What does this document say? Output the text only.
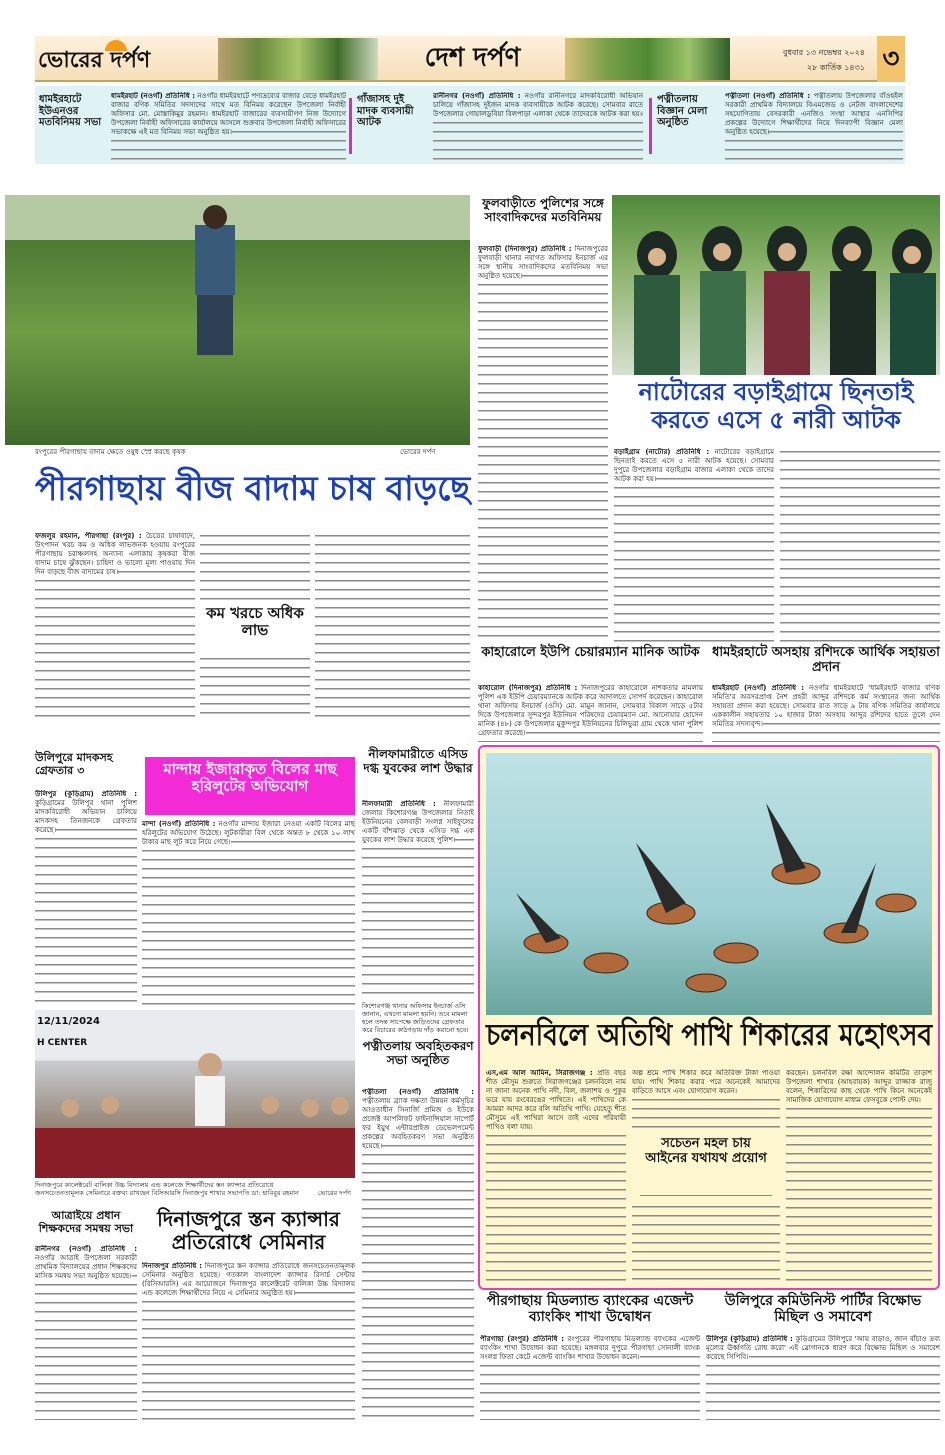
ভোরের দর্পণ	দেশ দর্পণ	বুধবার ১৩ নভেম্বর ২০২৪
২৮ কার্তিক ১৪৩১ ৩
ধামইরহাটে ইউএনওর মতবিনিময় সভা

ধামইরহাট (নওগাঁ) প্রতিনিধি : নওগাঁর ধামইরহাটে পণ্যদ্রব্যের বাজার বেড়ে ধামইরহাট বাজার বণিক সমিতির সদস্যদের সাথে মত বিনিময় করেছেন উপজেলা নির্বাহী অফিসার মো. মোস্তাকিমুর রহমান। ধামইরহাট বাজারের ব্যবসায়ীগণ নিজ উদ্যোগে উপজেলা নির্বাহী অফিসারের কার্যালয়ে আসলে শুক্রবার উপজেলা নির্বাহী অফিসারের সভাকক্ষে এই মত বিনিময় সভা অনুষ্ঠিত হয়।

গাঁজাসহ দুই মাদক ব্যবসায়ী আটক

রানীনগর (নওগাঁ) প্রতিনিধি : নওগাঁর রানীনগরে মাদকবিরোধী অভিযান চালিয়ে গাঁজাসহ দুইজন মাদক ব্যবসায়ীকে আটক করেছে। সোমবার রাতে উপজেলার গোয়ালডুবিয়া বিলপাড়া এলাকা থেকে তাদেরকে আটক করা হয়।

পত্নীতলায় বিজ্ঞান মেলা অনুষ্ঠিত

পত্নীতলা (নওগাঁ) প্রতিনিধি : পত্নীতলায় উপজেলার বাঁওহইল সরকারী প্রাথমিক বিদ্যালয়ে বিএমজেড ও নেটজ বাংলাদেশের সহযোগিতায় বেসরকারী এনজিও সংস্থা আস্থার এনসিপির প্রকল্পের উদ্যোগে শিক্ষার্থীদের নিয়ে দিনব্যাপী বিজ্ঞান মেলা অনুষ্ঠিত হয়েছে।

রংপুরের পীরগাছায় বাদাম ক্ষেতে ওষুধ স্প্রে করছে কৃষক	ভোরের দর্পণ
পীরগাছায় বীজ বাদাম চাষ বাড়ছে

ফজলুর রহমান, পীরগাছা (রংপুর) : চৈত্রের চাষাবাদে, উৎপাদন খরচ কম ও অধিক লাভজনক হওয়ায় রংপুরের পীরগাছায় চরাঞ্চলসহ অন্যান্য এলাকায় কৃষকরা বীজ বাদাম চাষে ঝুঁকছেন। চাহিদা ও ভালো মূল্য পাওয়ায় দিন দিন বাড়ছে বীজ বাদামের চাষ।

কম খরচে অধিক লাভ
ফুলবাড়ীতে পুলিশের সঙ্গে সাংবাদিকদের মতবিনিময়

ফুলবাড়ী (দিনাজপুর) প্রতিনিধি : দিনাজপুরের ফুলবাড়ী থানার নবাগত অফিসার ইনচার্জ এর সঙ্গে স্থানীয় সাংবাদিকদের মতবিনিময় সভা অনুষ্ঠিত হয়েছে।

নাটোরের বড়াইগ্রামে ছিনতাই করতে এসে ৫ নারী আটক

বড়াইগ্রাম (নাটোর) প্রতিনিধি : নাটোরের বড়াইগ্রামে ছিনতাই করতে এসে ৫ নারী আটক হয়েছে। সোমবার দুপুরে উপজেলার বড়াইগ্রাম বাজার এলাকা থেকে তাদের আটক করা হয়।

কাহারোলে ইউপি চেয়ারম্যান মানিক আটক

কাহারোল (দিনাজপুর) প্রতিনিধি : দিনাজপুরের কাহারোলে নাশকতার মামলায় পুলিশ এক ইউপি চেয়ারম্যানকে আটক করে আদালতে সোপর্দ করেছেন। কাহারোল থানা অফিসার ইনচার্জ (ওসি) মো. মামুন জানান, সোমবার বিকাল সাড়ে ৫টার দিকে উপজেলার সুন্দরপুর ইউনিয়ন পরিষদের চেয়ারম্যান মো. আনোয়ার হোসেন মানিক (৪৮) কে উপজেলার মুকুন্দপুর ইউনিয়নের চিলিভুরা গ্রাম থেকে থানা পুলিশ গ্রেফতার করেছে।

ধামইরহাটে অসহায় রশিদকে আর্থিক সহায়তা প্রদান

ধামইরহাট (নওগাঁ) প্রতিনিধি : নওগাঁর ধামইরহাটে 'ধামইরহাট বাজার বণিক সমিতি'র অবসরপ্রাপ্ত নৈশ প্রহরী আব্দুর রশিদকে কর্ম সংস্থানের জন্য আর্থিক সহায়তা প্রদান করা হয়েছে। সোমবার রাত সাড়ে ৯ টায় বণিক সমিতির কার্যালয়ে এককালীন সহায়তার ১০ হাজার টাকা অসহায় আব্দুর রশিদের হাতে তুলে দেন সমিতির সদস্যবৃন্দ।

উলিপুরে মাদকসহ গ্রেফতার ৩

উলিপুর (কুড়িগ্রাম) প্রতিনিধি : কুড়িগ্রামের উলিপুর থানা পুলিশ মাদকবিরোধী অভিযান চালিয়ে মাদকসহ তিনজনকে গ্রেফতার করেছে।

মান্দায় ইজারাকৃত বিলের মাছ হরিলুটের অভিযোগ

মান্দা (নওগাঁ) প্রতিনিধি : নওগাঁর মান্দায় ইজারা নেওয়া একটি বিলের মাছ হরিলুটের অভিযোগ উঠেছে। লুটকারীরা বিল থেকে অন্তত ৮ থেকে ১০ লাখ টাকার মাছ লুট করে নিয়ে গেছে।

নীলফামারীতে এসিড দগ্ধ যুবকের লাশ উদ্ধার

নীলফামারী প্রতিনিধি : নীলফামারী জেলার কিশোরগঞ্জ উপজেলার নিতাই ইউনিয়নের বেলবাড়ী সংলগ্ন সাইফুলের একটি বাঁশঝাড় থেকে এসিড দগ্ধ এক যুবকের লাশ উদ্ধার করেছে পুলিশ।

কিশোরগঞ্জ থানার অফিসার ইনচার্জ ওসি জানান, এখনো মামলা হয়নি। তবে মামলা হলে তদন্ত সাপেক্ষে জড়িতদের গ্রেফতার করে বিচারের কাঠগড়ায় দাঁড় করানো হবে।
পত্নীতলায় অবহিতকরণ সভা অনুষ্ঠিত

পত্নীতলা (নওগাঁ) প্রতিনিধি : পত্নীতলায় ব্র্যাক দক্ষতা উন্নয়ন কর্মসূচির আওতাধীন সিনার্জি প্রমিজ ও ইউকে প্রজেক্ট আপলিফট ফাইনান্সিয়াল সাপোর্ট ফর ইয়ুথ এন্টারপ্রাইজ ডেভেলপমেন্ট প্রকল্পের অবহিতকরণ সভা অনুষ্ঠিত হয়েছে।

চলনবিলে অতিথি পাখি শিকারের মহোৎসব

এস,এম আল আমিন, সিরাজগঞ্জ : প্রতি বছর শীত মৌসুম শুরুতে সিরাজগঞ্জের চলনবিলে নাম না জানা অনেক পাখি নদী, বিল, জলাশয় ও পুকুর ভরে যায় রংবেরঙের পাখিতে। এই পাখিদের কে আমরা আদর করে বলি অতিথি পাখি। যেহেতু শীত মৌসুমে এই পাখিরা আসে তাই এদের পরিযায়ী পাখিও বলা যায়।

অল্প শ্রমে পাখি শিকার করে অতিরিক্ত টাকা পাওয়া যায়। পাখি শিকার করার পরে অনেকেই আমাদের বাড়িতে আসে এবং যোগাযোগ করেন।

সচেতন মহল চায় আইনের যথাযথ প্রয়োগ

করছেন। চলনবিল রক্ষা আন্দোলন কমিটির তাড়াশ উপজেলা শাখার (আহবায়ক) আব্দুর রাজ্জাক রাজু বলেন, শিকারিদের কাছ থেকে পাখি কিনে অনেকেই সামাজিক যোগাযোগ মাধ্যম ফেসবুকে পোস্ট দেয়।

12/11/2024
H CENTER
দিনাজপুরে কালেক্টরেট বালিকা উচ্চ বিদ্যালয় এন্ড কলেজে শিক্ষার্থীদের স্তন ক্যান্সার প্রতিরোধে জনসচেতনতামূলক সেমিনারে বক্তব্য রাখছেন বিসিআরসি দিনাজপুর শাখার সভাপতি ডা: হাবিবুর রহমান	ভোরের দর্পণ
আত্রাইয়ে প্রধান শিক্ষকদের সমন্বয় সভা

রানীনগর (নওগাঁ) প্রতিনিধি : নওগাঁর আত্রাই উপজেলা সরকারী প্রাথমিক বিদ্যালয়ের প্রধান শিক্ষকদের মাসিক সমন্বয় সভা অনুষ্ঠিত হয়েছে।

দিনাজপুরে স্তন ক্যান্সার প্রতিরোধে সেমিনার

দিনাজপুর প্রতিনিধি : দিনাজপুরে স্তন ক্যান্সার প্রতিরোধে জনসচেতনতামূলক সেমিনার অনুষ্ঠিত হয়েছে। গতকাল বাংলাদেশ ক্যান্সার রিসার্চ সেন্টার (বিসিআরসি) এর আয়োজনে দিনাজপুর কালেক্টরেট বালিকা উচ্চ বিদ্যালয় এন্ড কলেজে শিক্ষার্থীদের নিয়ে এ সেমিনার অনুষ্ঠিত হয়।	পীরগাছায় মিডল্যান্ড ব্যাংকের এজেন্ট ব্যাংকিং শাখা উদ্বোধন

পীরগাছা (রংপুর) প্রতিনিধি : রংপুরের পীরগাছায় মিডল্যান্ড ব্যাংকের এজেন্ট ব্যাংকিং শাখা উদ্বোধন করা হয়েছে। মঙ্গলবার দুপুরে পীরগাছা সোনালী ব্যাংক সংলগ্ন ফিতা কেটে এজেন্ট ব্যাংকিং শাখার উদ্বোধন করেন।

উলিপুরে কমিউনিস্ট পার্টির বিক্ষোভ মিছিল ও সমাবেশ

উলিপুর (কুড়িগ্রাম) প্রতিনিধি : কুড়িগ্রামের উলিপুরে 'আয় বাড়াও, জান বাঁচাও দ্রব্য মূল্যের ঊর্ধ্বগতি রোধ করো' এই স্লোগানকে ধারণ করে বিক্ষোভ মিছিল ও সমাবেশ করেছে সিপিবি।
